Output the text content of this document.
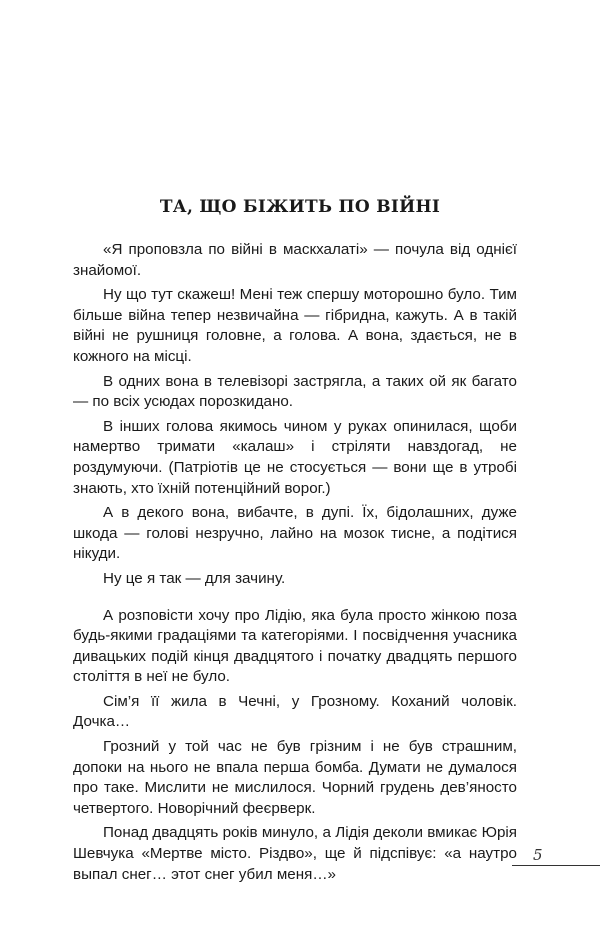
ТА, ЩО БІЖИТЬ ПО ВІЙНІ

«Я проповзла по війні в маскхалаті» — почула від однієї знайомої.

Ну що тут скажеш! Мені теж спершу моторошно було. Тим більше війна тепер незвичайна — гібридна, кажуть. А в такій війні не рушниця головне, а голова. А вона, здається, не в кожного на місці.

В одних вона в телевізорі застрягла, а таких ой як багато — по всіх усюдах порозкидано.

В інших голова якимось чином у руках опинилася, щоби намертво тримати «калаш» і стріляти навздогад, не роздумуючи. (Патріотів це не стосується — вони ще в утробі знають, хто їхній потенційний ворог.)

А в декого вона, вибачте, в дупі. Їх, бідолашних, дуже шкода — голові незручно, лайно на мозок тисне, а подітися нікуди.

Ну це я так — для зачину.

А розповісти хочу про Лідію, яка була просто жінкою поза будь-якими градаціями та категоріями. І посвідчення учасника дивацьких подій кінця двадцятого і початку двадцять першого століття в неї не було.

Сім’я її жила в Чечні, у Грозному. Коханий чоловік. Дочка…

Грозний у той час не був грізним і не був страшним, допоки на нього не впала перша бомба. Думати не думалося про таке. Мислити не мислилося. Чорний грудень дев’яносто четвертого. Новорічний феєрверк.

Понад двадцять років минуло, а Лідія деколи вмикає Юрія Шевчука «Мертве місто. Різдво», ще й підспівує: «а наутро выпал снег… этот снег убил меня…»

5
